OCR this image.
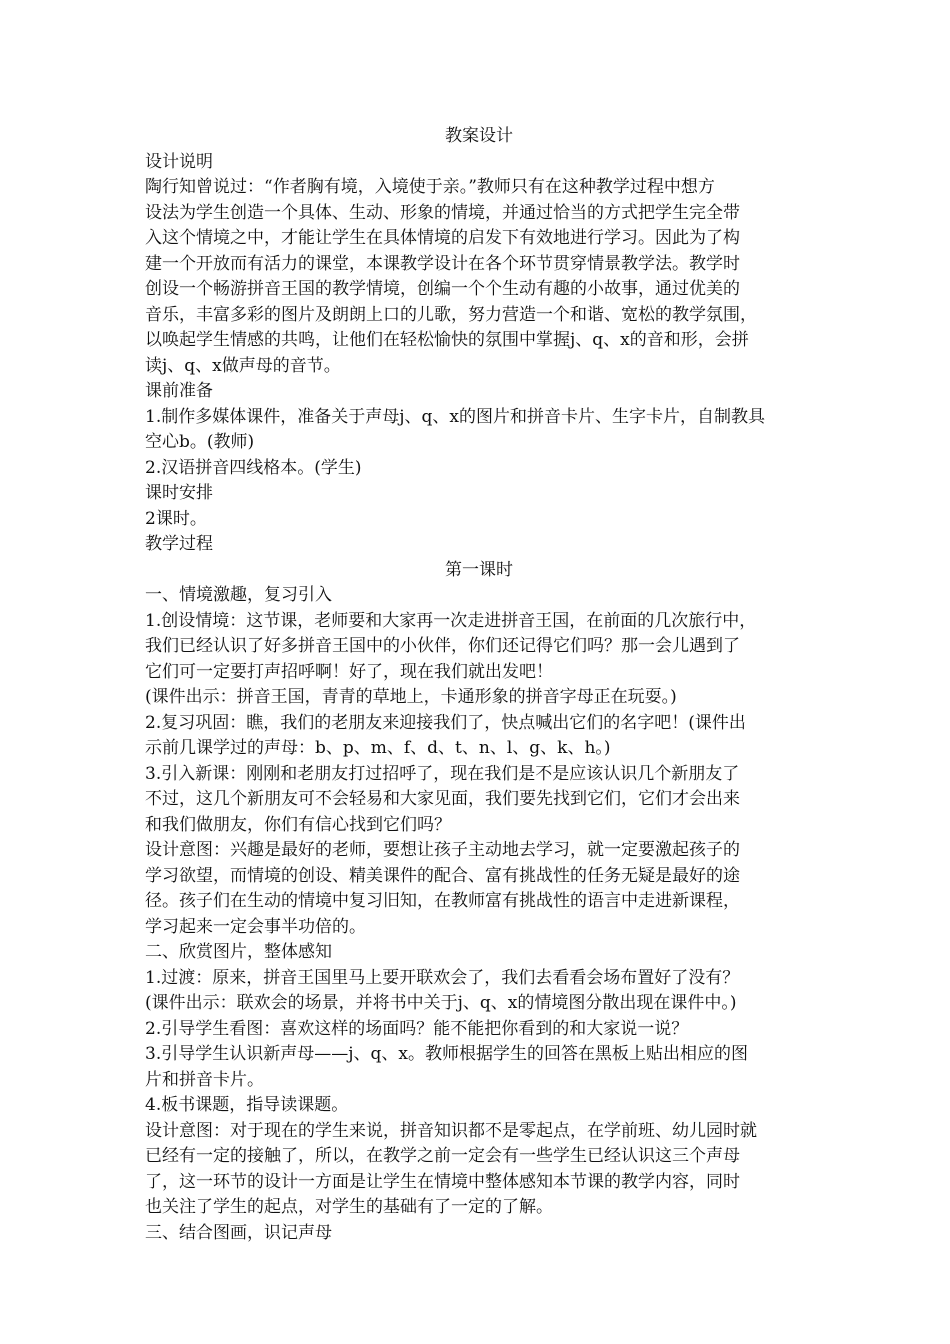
教案设计

设计说明

陶行知曾说过：“作者胸有境，入境使于亲。”教师只有在这种教学过程中想方

设法为学生创造一个具体、生动、形象的情境，并通过恰当的方式把学生完全带

入这个情境之中，才能让学生在具体情境的启发下有效地进行学习。因此为了构

建一个开放而有活力的课堂，本课教学设计在各个环节贯穿情景教学法。教学时

创设一个畅游拼音王国的教学情境，创编一个个生动有趣的小故事，通过优美的

音乐，丰富多彩的图片及朗朗上口的儿歌，努力营造一个和谐、宽松的教学氛围，

以唤起学生情感的共鸣，让他们在轻松愉快的氛围中掌握j、q、x的音和形，会拼

读j、q、x做声母的音节。

课前准备

1.制作多媒体课件，准备关于声母j、q、x的图片和拼音卡片、生字卡片，自制教具

空心b。(教师)

2.汉语拼音四线格本。(学生)

课时安排

2课时。

教学过程

第一课时

一、情境激趣，复习引入

1.创设情境：这节课，老师要和大家再一次走进拼音王国，在前面的几次旅行中，

我们已经认识了好多拼音王国中的小伙伴，你们还记得它们吗？那一会儿遇到了

它们可一定要打声招呼啊！好了，现在我们就出发吧！

(课件出示：拼音王国，青青的草地上，卡通形象的拼音字母正在玩耍。)

2.复习巩固：瞧，我们的老朋友来迎接我们了，快点喊出它们的名字吧！(课件出

示前几课学过的声母：b、p、m、f、d、t、n、l、g、k、h。)

3.引入新课：刚刚和老朋友打过招呼了，现在我们是不是应该认识几个新朋友了

不过，这几个新朋友可不会轻易和大家见面，我们要先找到它们，它们才会出来

和我们做朋友，你们有信心找到它们吗？

设计意图：兴趣是最好的老师，要想让孩子主动地去学习，就一定要激起孩子的

学习欲望，而情境的创设、精美课件的配合、富有挑战性的任务无疑是最好的途

径。孩子们在生动的情境中复习旧知，在教师富有挑战性的语言中走进新课程，

学习起来一定会事半功倍的。

二、欣赏图片，整体感知

1.过渡：原来，拼音王国里马上要开联欢会了，我们去看看会场布置好了没有？

(课件出示：联欢会的场景，并将书中关于j、q、x的情境图分散出现在课件中。)

2.引导学生看图：喜欢这样的场面吗？能不能把你看到的和大家说一说？

3.引导学生认识新声母——j、q、x。教师根据学生的回答在黑板上贴出相应的图

片和拼音卡片。

4.板书课题，指导读课题。

设计意图：对于现在的学生来说，拼音知识都不是零起点，在学前班、幼儿园时就

已经有一定的接触了，所以，在教学之前一定会有一些学生已经认识这三个声母

了，这一环节的设计一方面是让学生在情境中整体感知本节课的教学内容，同时

也关注了学生的起点，对学生的基础有了一定的了解。

三、结合图画，识记声母
